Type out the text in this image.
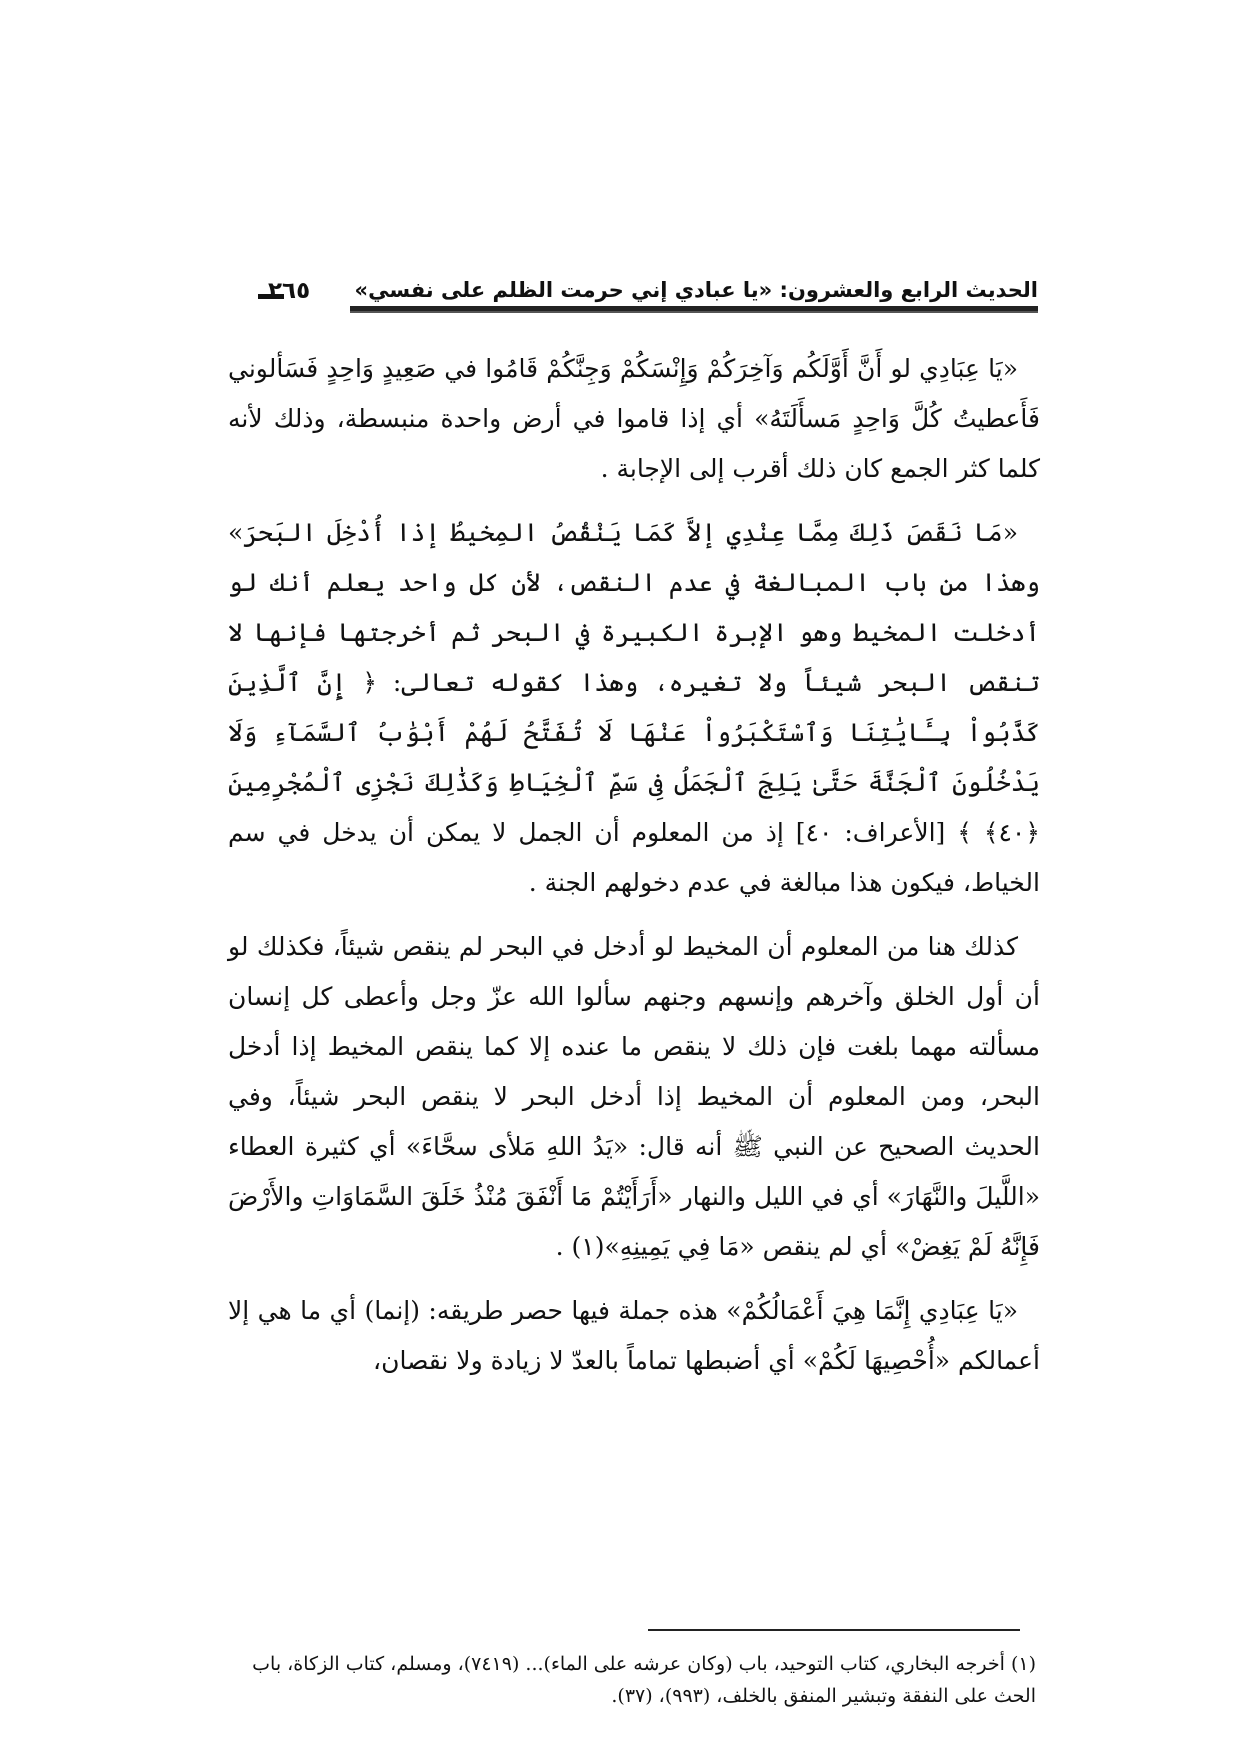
٢٦٥ الحديث الرابع والعشرون: «يا عبادي إني حرمت الظلم على نفسي»

«يَا عِبَادِي لو أَنَّ أَوَّلَكُم وَآخِرَكُمْ وَإِنْسَكُمْ وَجِنَّكُمْ قَامُوا في صَعِيدٍ وَاحِدٍ فَسَألوني فَأَعطيتُ كُلَّ وَاحِدٍ مَسأَلَتَهُ» أي إذا قاموا في أرض واحدة منبسطة، وذلك لأنه كلما كثر الجمع كان ذلك أقرب إلى الإجابة .

«مَا نَقَصَ ذَلِكَ مِمَّا عِنْدِي إلاَّ كَمَا يَنْقُصُ المِخيطُ إذا أُدْخِلَ البَحرَ» وهذا من باب المبالغة في عدم النقص، لأن كل واحد يعلم أنك لو أدخلت المخيط وهو الإبرة الكبيرة في البحر ثم أخرجتها فإنها لا تنقص البحر شيئاً ولا تغيره، وهذا كقوله تعالى: ﴿ إِنَّ ٱلَّذِينَ كَذَّبُواْ بِـَٔايَٰتِنَا وَٱسْتَكْبَرُواْ عَنْهَا لَا تُفَتَّحُ لَهُمْ أَبْوَٰبُ ٱلسَّمَآءِ وَلَا يَدْخُلُونَ ٱلْجَنَّةَ حَتَّىٰ يَلِجَ ٱلْجَمَلُ فِى سَمِّ ٱلْخِيَاطِ وَكَذَٰلِكَ نَجْزِى ٱلْمُجْرِمِينَ ﴿٤٠﴾ ﴾ [الأعراف: ٤٠] إذ من المعلوم أن الجمل لا يمكن أن يدخل في سم الخياط، فيكون هذا مبالغة في عدم دخولهم الجنة .

كذلك هنا من المعلوم أن المخيط لو أدخل في البحر لم ينقص شيئاً، فكذلك لو أن أول الخلق وآخرهم وإنسهم وجنهم سألوا الله عزّ وجل وأعطى كل إنسان مسألته مهما بلغت فإن ذلك لا ينقص ما عنده إلا كما ينقص المخيط إذا أدخل البحر، ومن المعلوم أن المخيط إذا أدخل البحر لا ينقص البحر شيئاً، وفي الحديث الصحيح عن النبي ﷺ أنه قال: «يَدُ اللهِ مَلأى سحَّاءَ» أي كثيرة العطاء «اللَّيلَ والنَّهَارَ» أي في الليل والنهار «أَرَأَيْتُمْ مَا أَنْفَقَ مُنْذُ خَلَقَ السَّمَاوَاتِ والأَرْضَ فَإِنَّهُ لَمْ يَغِضْ» أي لم ينقص «مَا فِي يَمِينِهِ»(١) .

«يَا عِبَادِي إِنَّمَا هِيَ أَعْمَالُكُمْ» هذه جملة فيها حصر طريقه: (إنما) أي ما هي إلا أعمالكم «أُحْصِيهَا لَكُمْ» أي أضبطها تماماً بالعدّ لا زيادة ولا نقصان،

(١) أخرجه البخاري، كتاب التوحيد، باب (وكان عرشه على الماء)... (٧٤١٩)، ومسلم، كتاب الزكاة، باب الحث على النفقة وتبشير المنفق بالخلف، (٩٩٣)، (٣٧).
